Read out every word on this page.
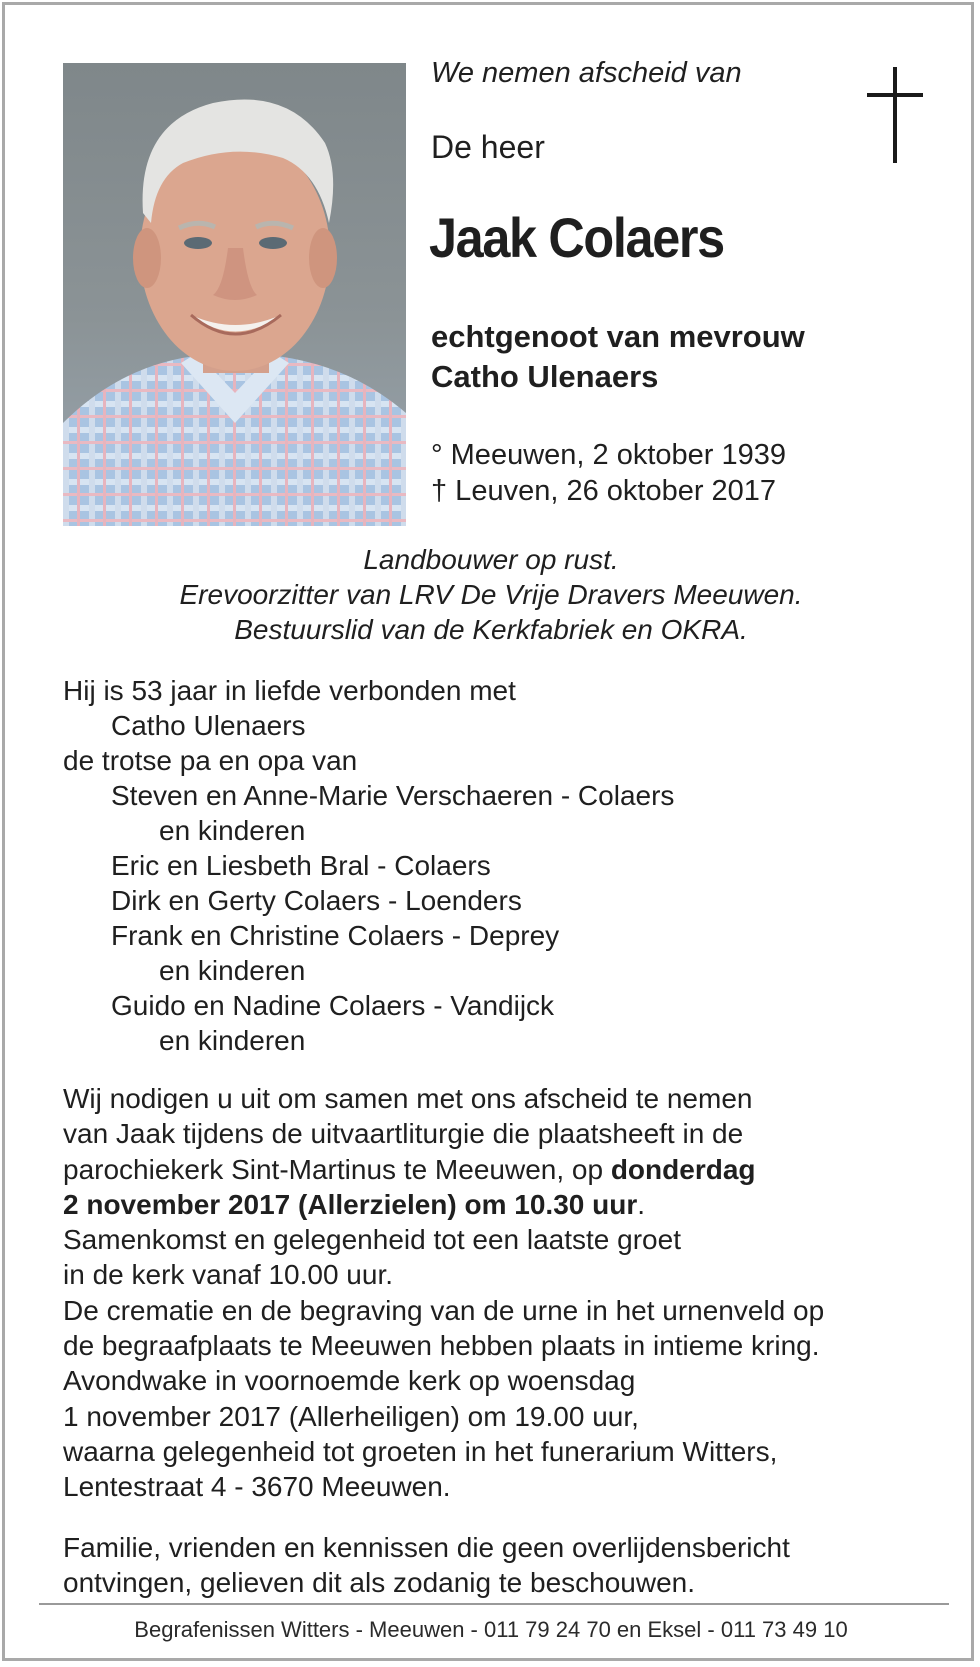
We nemen afscheid van
De heer
Jaak Colaers
echtgenoot van mevrouw
Catho Ulenaers
° Meeuwen, 2 oktober 1939
† Leuven, 26 oktober 2017
Landbouwer op rust.
Erevoorzitter van LRV De Vrije Dravers Meeuwen.
Bestuurslid van de Kerkfabriek en OKRA.
Hij is 53 jaar in liefde verbonden met
Catho Ulenaers
de trotse pa en opa van
Steven en Anne-Marie Verschaeren - Colaers
en kinderen
Eric en Liesbeth Bral - Colaers
Dirk en Gerty Colaers - Loenders
Frank en Christine Colaers - Deprey
en kinderen
Guido en Nadine Colaers - Vandijck
en kinderen
Wij nodigen u uit om samen met ons afscheid te nemen
van Jaak tijdens de uitvaartliturgie die plaatsheeft in de
parochiekerk Sint-Martinus te Meeuwen, op donderdag
2 november 2017 (Allerzielen) om 10.30 uur.
Samenkomst en gelegenheid tot een laatste groet
in de kerk vanaf 10.00 uur.
De crematie en de begraving van de urne in het urnenveld op
de begraafplaats te Meeuwen hebben plaats in intieme kring.
Avondwake in voornoemde kerk op woensdag
1 november 2017 (Allerheiligen) om 19.00 uur,
waarna gelegenheid tot groeten in het funerarium Witters,
Lentestraat 4 - 3670 Meeuwen.
Familie, vrienden en kennissen die geen overlijdensbericht
ontvingen, gelieven dit als zodanig te beschouwen.
Begrafenissen Witters - Meeuwen - 011 79 24 70 en Eksel - 011 73 49 10
